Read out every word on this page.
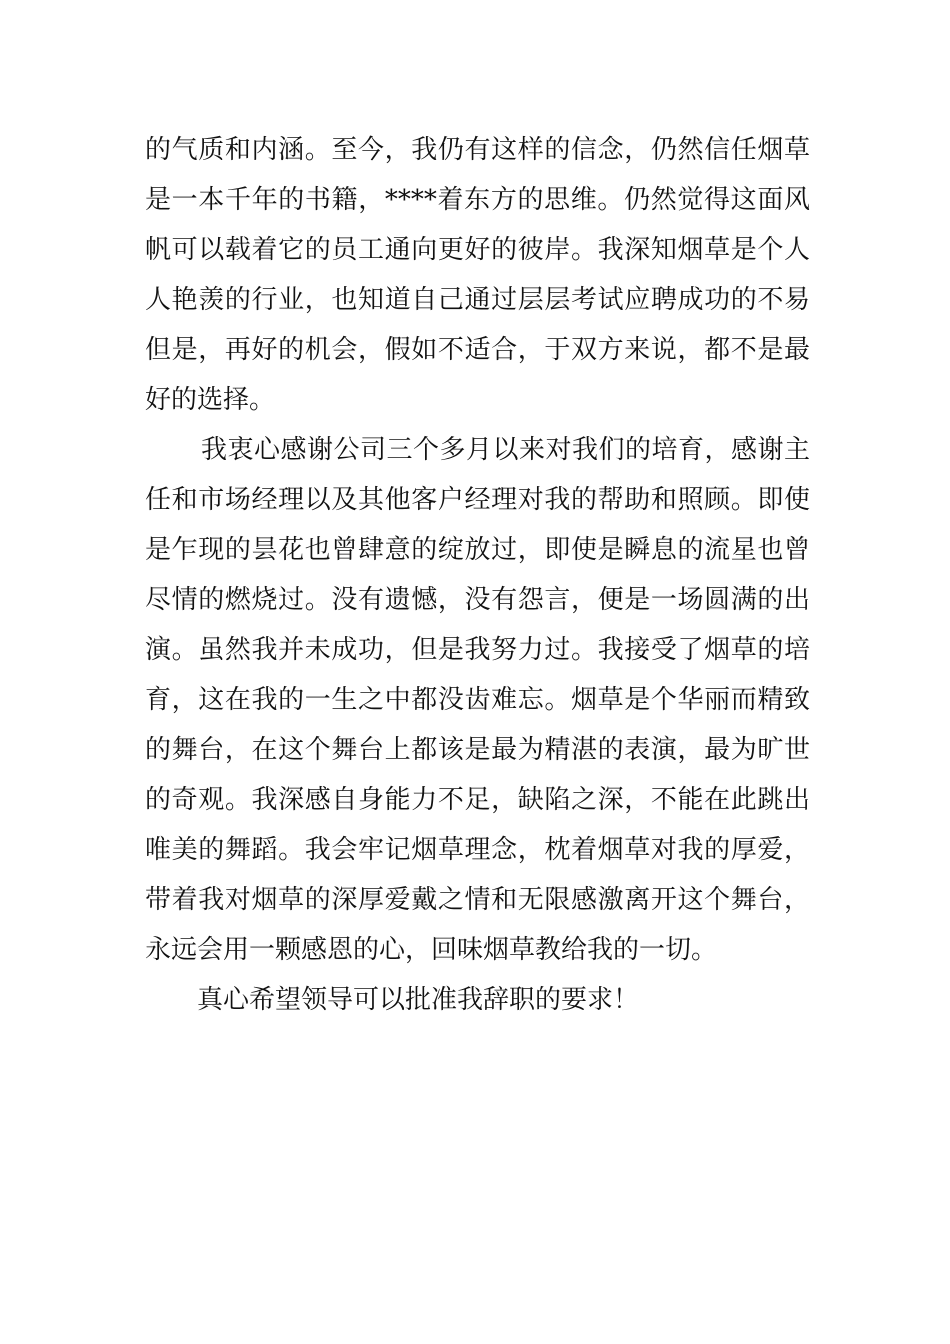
的气质和内涵。至今，我仍有这样的信念，仍然信任烟草
是一本千年的书籍，****着东方的思维。仍然觉得这面风
帆可以载着它的员工通向更好的彼岸。我深知烟草是个人
人艳羡的行业，也知道自己通过层层考试应聘成功的不易
但是，再好的机会，假如不适合，于双方来说，都不是最
好的选择。
我衷心感谢公司三个多月以来对我们的培育，感谢主
任和市场经理以及其他客户经理对我的帮助和照顾。即使
是乍现的昙花也曾肆意的绽放过，即使是瞬息的流星也曾
尽情的燃烧过。没有遗憾，没有怨言，便是一场圆满的出
演。虽然我并未成功，但是我努力过。我接受了烟草的培
育，这在我的一生之中都没齿难忘。烟草是个华丽而精致
的舞台，在这个舞台上都该是最为精湛的表演，最为旷世
的奇观。我深感自身能力不足，缺陷之深，不能在此跳出
唯美的舞蹈。我会牢记烟草理念，枕着烟草对我的厚爱，
带着我对烟草的深厚爱戴之情和无限感激离开这个舞台，
永远会用一颗感恩的心，回味烟草教给我的一切。
真心希望领导可以批准我辞职的要求！
